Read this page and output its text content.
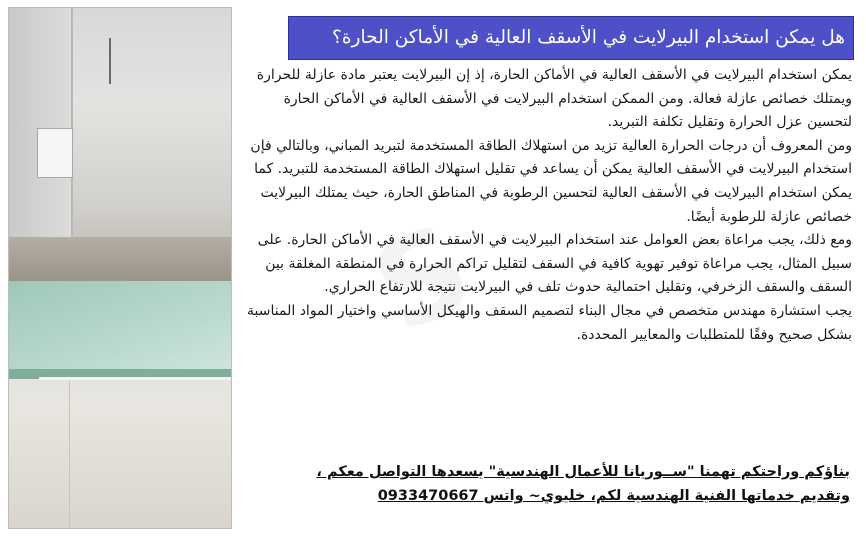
هل يمكن استخدام البيرلايت في الأسقف العالية في الأماكن الحارة؟

يمكن استخدام البيرلايت في الأسقف العالية في الأماكن الحارة، إذ إن البيرلايت يعتبر مادة عازلة للحرارة ويمتلك خصائص عازلة فعالة. ومن الممكن استخدام البيرلايت في الأسقف العالية في الأماكن الحارة لتحسين عزل الحرارة وتقليل تكلفة التبريد.

ومن المعروف أن درجات الحرارة العالية تزيد من استهلاك الطاقة المستخدمة لتبريد المباني، وبالتالي فإن استخدام البيرلايت في الأسقف العالية يمكن أن يساعد في تقليل استهلاك الطاقة المستخدمة للتبريد. كما يمكن استخدام البيرلايت في الأسقف العالية لتحسين الرطوبة في المناطق الحارة، حيث يمتلك البيرلايت خصائص عازلة للرطوبة أيضًا.

ومع ذلك، يجب مراعاة بعض العوامل عند استخدام البيرلايت في الأسقف العالية في الأماكن الحارة. على سبيل المثال، يجب مراعاة توفير تهوية كافية في السقف لتقليل تراكم الحرارة في المنطقة المغلقة بين السقف والسقف الزخرفي، وتقليل احتمالية حدوث تلف في البيرلايت نتيجة للارتفاع الحراري.

يجب استشارة مهندس متخصص في مجال البناء لتصميم السقف والهيكل الأساسي واختيار المواد المناسبة بشكل صحيح وفقًا للمتطلبات والمعايير المحددة.

بناؤكم وراحتكم تهمنا "ســوريانا للأعمال الهندسية" يسعدها التواصل معكم ،
وتقديم خدماتها الفنية الهندسية لكم، خليوي~ واتس 0933470667
